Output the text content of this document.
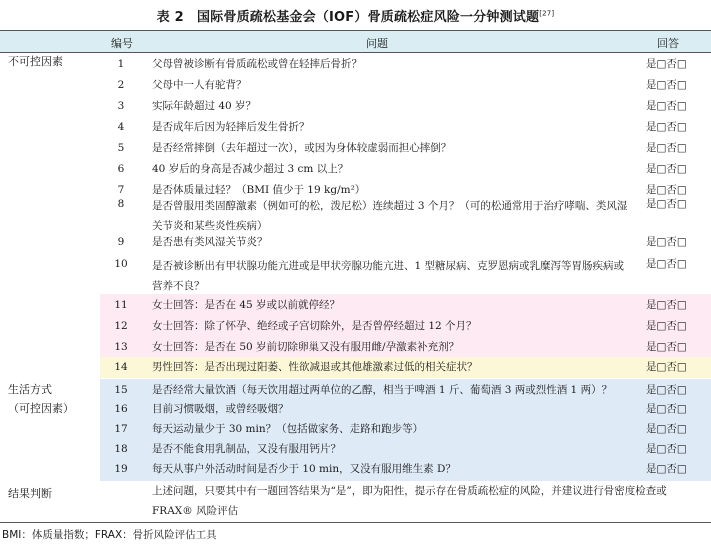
表 2　国际骨质疏松基金会（IOF）骨质疏松症风险一分钟测试题[27]
编号	问题	回答
不可控因素
生活方式
（可控因素）
1	父母曾被诊断有骨质疏松或曾在轻摔后骨折？	是□否□
2	父母中一人有驼背？	是□否□
3	实际年龄超过 40 岁？	是□否□
4	是否成年后因为轻摔后发生骨折？	是□否□
5	是否经常摔倒（去年超过一次），或因为身体较虚弱而担心摔倒？	是□否□
6	40 岁后的身高是否减少超过 3 cm 以上？	是□否□
7	是否体质量过轻？（BMI 值少于 19 kg/m²）	是□否□
8	是否曾服用类固醇激素（例如可的松，泼尼松）连续超过 3 个月？（可的松通常用于治疗哮喘、类风湿关节炎和某些炎性疾病）
是□否□
9	是否患有类风湿关节炎？	是□否□
10	是否被诊断出有甲状腺功能亢进或是甲状旁腺功能亢进、1 型糖尿病、克罗恩病或乳糜泻等胃肠疾病或营养不良？
是□否□
11	女士回答：是否在 45 岁或以前就停经？	是□否□
12	女士回答：除了怀孕、绝经或子宫切除外，是否曾停经超过 12 个月？	是□否□
13	女士回答：是否在 50 岁前切除卵巢又没有服用雌/孕激素补充剂？	是□否□
14	男性回答：是否出现过阳萎、性欲减退或其他雄激素过低的相关症状？	是□否□
15	是否经常大量饮酒（每天饮用超过两单位的乙醇，相当于啤酒 1 斤、葡萄酒 3 两或烈性酒 1 两）？	是□否□
16	目前习惯吸烟，或曾经吸烟？	是□否□
17	每天运动量少于 30 min？（包括做家务、走路和跑步等）	是□否□
18	是否不能食用乳制品，又没有服用钙片？	是□否□
19	每天从事户外活动时间是否少于 10 min，又没有服用维生素 D？	是□否□
结果判断	上述问题，只要其中有一题回答结果为“是”，即为阳性，提示存在骨质疏松症的风险，并建议进行骨密度检查或 FRAX® 风险评估
BMI：体质量指数；FRAX：骨折风险评估工具
